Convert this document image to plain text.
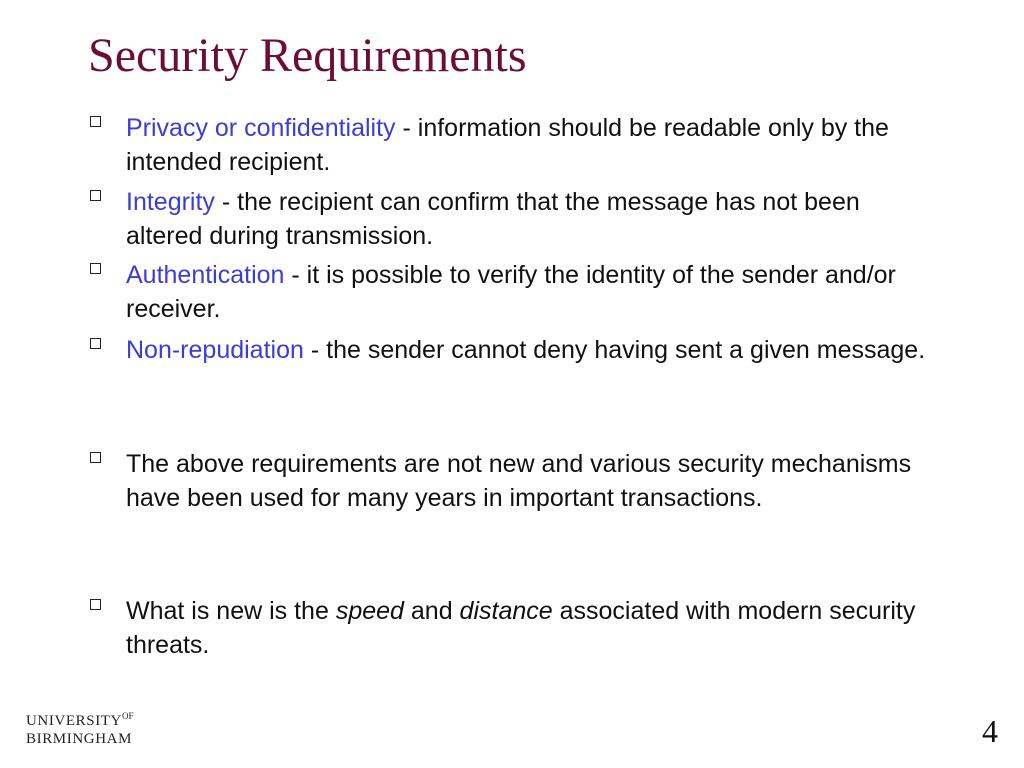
Security Requirements
Privacy or confidentiality - information should be readable only by the intended recipient.
Integrity - the recipient can confirm that the message has not been altered during transmission.
Authentication - it is possible to verify the identity of the sender and/or receiver.
Non-repudiation - the sender cannot deny having sent a given message.
The above requirements are not new and various security mechanisms have been used for many years in important transactions.
What is new is the speed and distance associated with modern security threats.
$UNIVERSITY^{OF}$
BIRMINGHAM	4
